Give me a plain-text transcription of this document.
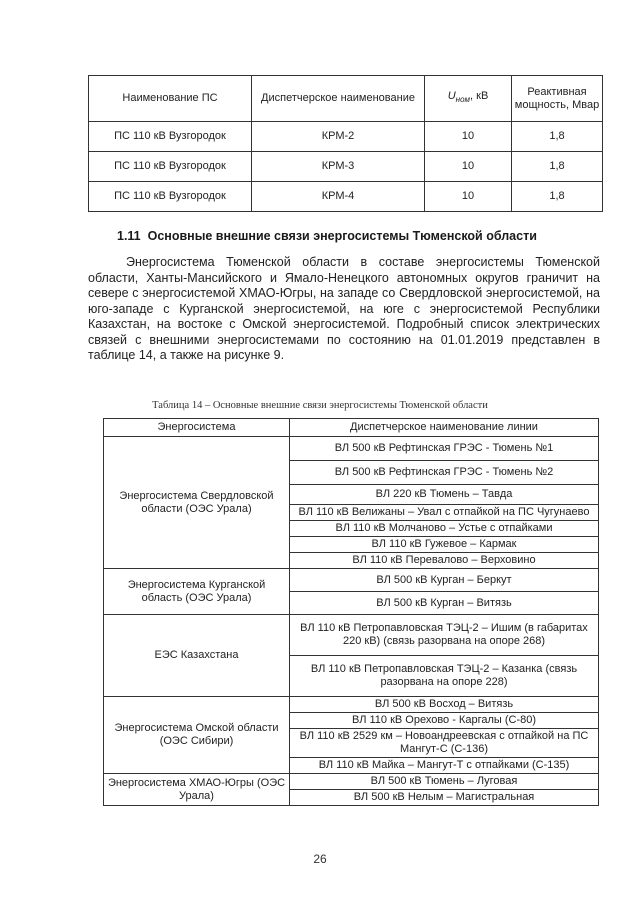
Наименование ПС	Диспетчерское наименование	$U_{ном}$, кВ	Реактивная мощность, Мвар
ПС 110 кВ Вузгородок	КРМ-2	10	1,8
ПС 110 кВ Вузгородок	КРМ-3	10	1,8
ПС 110 кВ Вузгородок	КРМ-4	10	1,8
1.11 Основные внешние связи энергосистемы Тюменской области

Энергосистема Тюменской области в составе энергосистемы Тюменской области, Ханты-Мансийского и Ямало-Ненецкого автономных округов граничит на севере с энергосистемой ХМАО-Югры, на западе со Свердловской энергосистемой, на юго-западе с Курганской энергосистемой, на юге с энергосистемой Республики Казахстан, на востоке с Омской энергосистемой. Подробный список электрических связей с внешними энергосистемами по состоянию на 01.01.2019 представлен в таблице 14, а также на рисунке 9.

Таблица 14 – Основные внешние связи энергосистемы Тюменской области
Энергосистема	Диспетчерское наименование линии
Энергосистема Свердловской области (ОЭС Урала)	ВЛ 500 кВ Рефтинская ГРЭС - Тюмень №1
	ВЛ 500 кВ Рефтинская ГРЭС - Тюмень №2
	ВЛ 220 кВ Тюмень – Тавда
	ВЛ 110 кВ Велижаны – Увал с отпайкой на ПС Чугунаево
	ВЛ 110 кВ Молчаново – Устье с отпайками
	ВЛ 110 кВ Гужевое – Кармак
	ВЛ 110 кВ Перевалово – Верховино
Энергосистема Курганской область (ОЭС Урала)	ВЛ 500 кВ Курган – Беркут
	ВЛ 500 кВ Курган – Витязь
ЕЭС Казахстана	ВЛ 110 кВ Петропавловская ТЭЦ-2 – Ишим (в габаритах 220 кВ) (связь разорвана на опоре 268)
	ВЛ 110 кВ Петропавловская ТЭЦ-2 – Казанка (связь разорвана на опоре 228)
Энергосистема Омской области (ОЭС Сибири)	ВЛ 500 кВ Восход – Витязь
	ВЛ 110 кВ Орехово - Каргалы (С-80)
	ВЛ 110 кВ 2529 км – Новоандреевская с отпайкой на ПС Мангут-С (С-136)
	ВЛ 110 кВ Майка – Мангут-Т с отпайками (С-135)
Энергосистема ХМАО-Югры (ОЭС Урала)	ВЛ 500 кВ Тюмень – Луговая
	ВЛ 500 кВ Нелым – Магистральная
26
